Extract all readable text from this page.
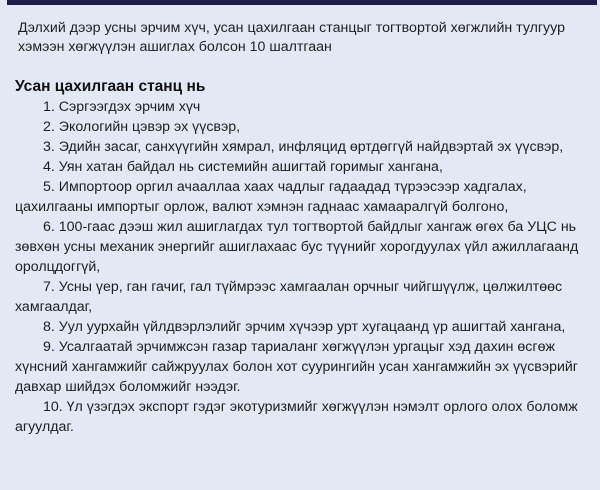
Дэлхий дээр усны эрчим хүч, усан цахилгаан станцыг тогтвортой хөгжлийн тулгуур хэмээн хөгжүүлэн ашиглах болсон 10 шалтгаан

Усан цахилгаан станц нь

1. Сэргээгдэх эрчим хүч

2. Экологийн цэвэр эх үүсвэр,

3. Эдийн засаг, санхүүгийн хямрал, инфляцид өртдөггүй найдвэртай эх үүсвэр,

4. Уян хатан байдал нь системийн ашигтай горимыг хангана,

5. Импортоор оргил ачааллаа хаах чадлыг гадаадад түрээсээр хадгалах, цахилгааны импортыг орлож, валют хэмнэн гаднаас хамааралгүй болгоно,

6. 100-гаас дээш жил ашиглагдах тул тогтвортой байдлыг хангаж өгөх ба УЦС нь зөвхөн усны механик энергийг ашиглахаас бус түүнийг хорогдуулах үйл ажиллагаанд оролцдоггүй,

7. Усны үер, ган гачиг, гал түймрээс хамгаалан орчныг чийгшүүлж, цөлжилтөөс хамгаалдаг,

8. Уул уурхайн үйлдвэрлэлийг эрчим хүчээр урт хугацаанд үр ашигтай хангана,

9. Усалгаатай эрчимжсэн газар тариаланг хөгжүүлэн ургацыг хэд дахин өсгөж хүнсний хангамжийг сайжруулах болон хот суурингийн усан хангамжийн эх үүсвэрийг давхар шийдэх боломжийг нээдэг.

10. Үл үзэгдэх экспорт гэдэг экотуризмийг хөгжүүлэн нэмэлт орлого олох боломж агуулдаг.
